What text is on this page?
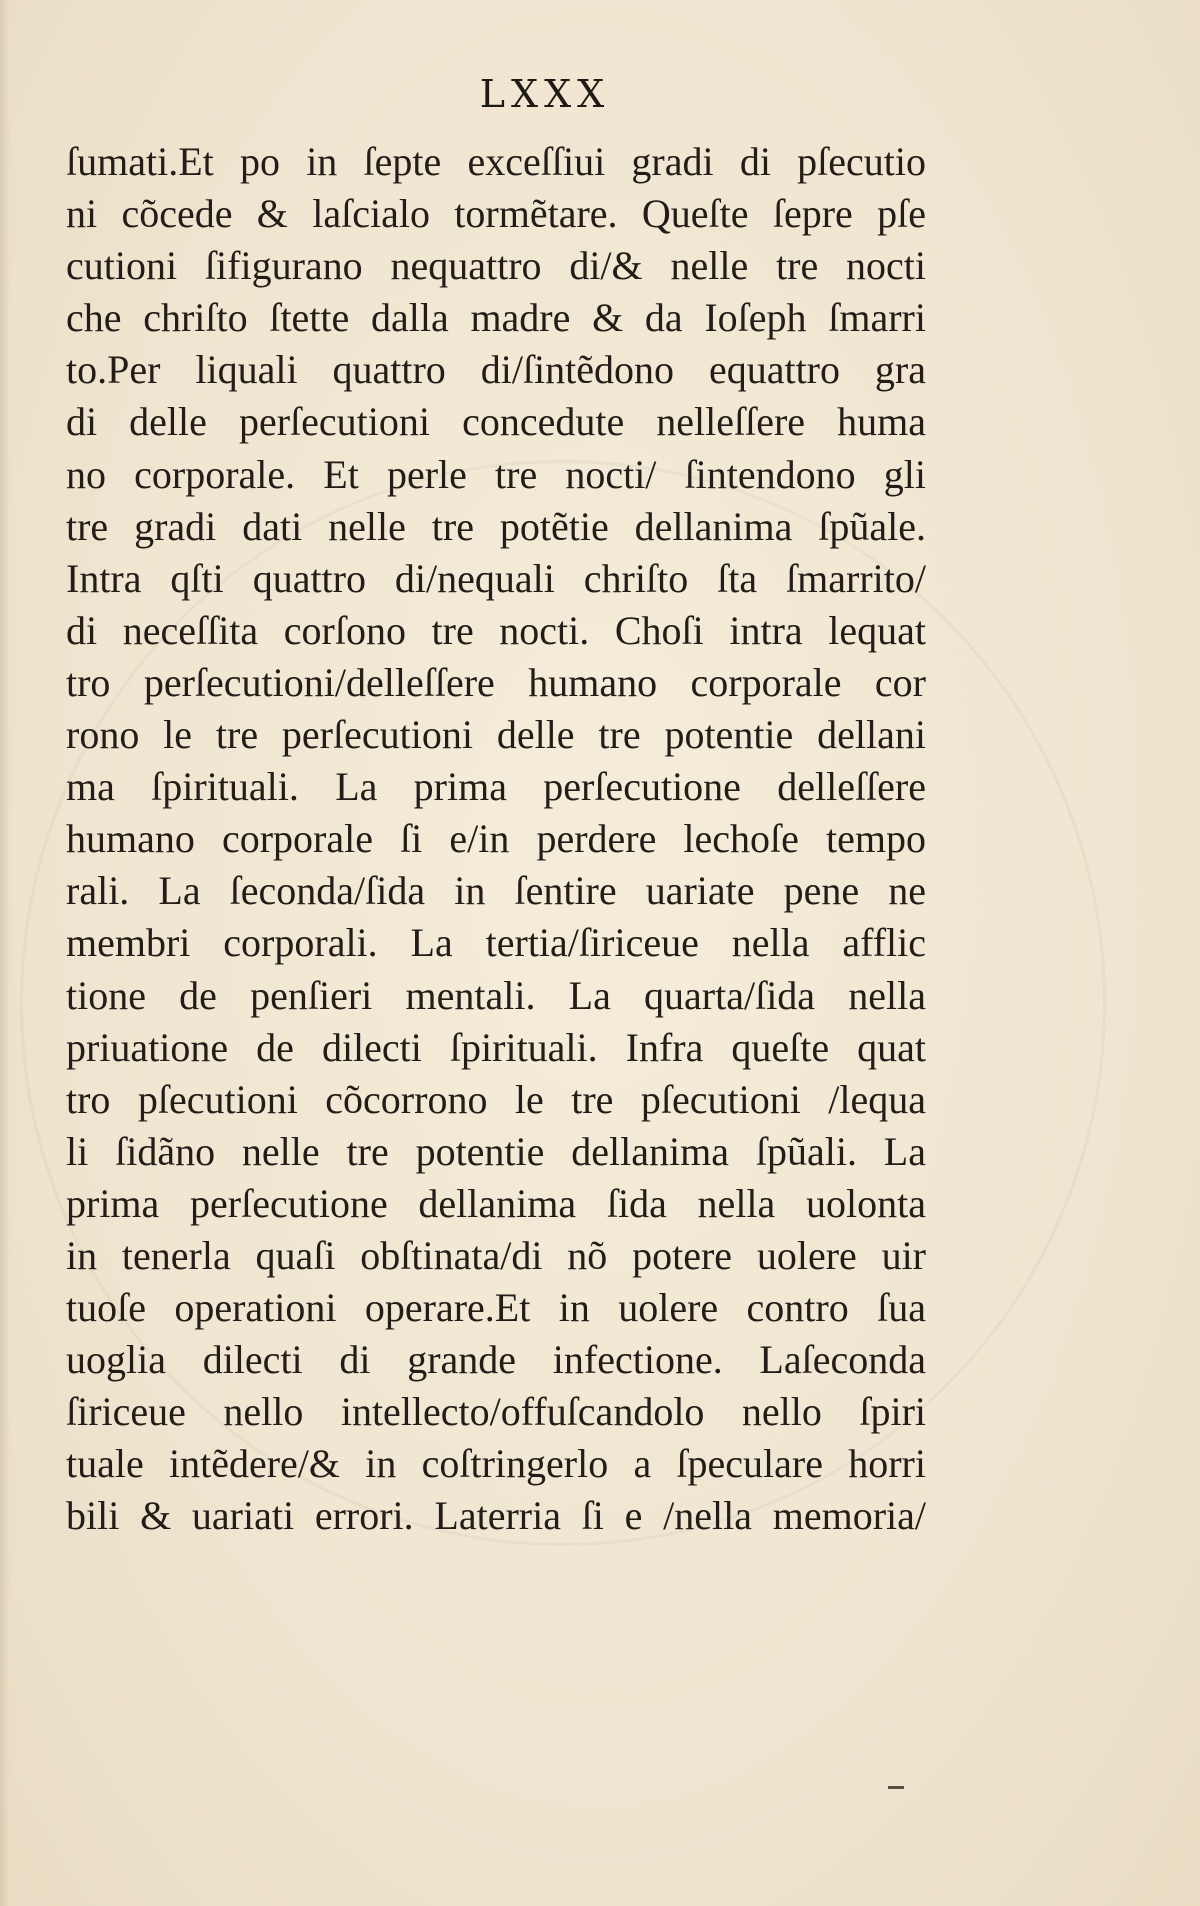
LXXX
ſumati.Et po in ſepte exceſſiui gradi di pſecutio
ni cõcede & laſcialo tormẽtare. Queſte ſepre pſe
cutioni ſifigurano nequattro di/& nelle tre nocti
che chriſto ſtette dalla madre & da Ioſeph ſmarri
to.Per liquali quattro di/ſintẽdono equattro gra
di delle perſecutioni concedute nelleſſere huma
no corporale. Et perle tre nocti/ ſintendono gli
tre gradi dati nelle tre potẽtie dellanima ſpũale.
Intra qſti quattro di/nequali chriſto ſta ſmarrito/
di neceſſita corſono tre nocti. Choſi intra lequat
tro perſecutioni/delleſſere humano corporale cor
rono le tre perſecutioni delle tre potentie dellani
ma ſpirituali. La prima perſecutione delleſſere
humano corporale ſi e/in perdere lechoſe tempo
rali. La ſeconda/ſida in ſentire uariate pene ne
membri corporali. La tertia/ſiriceue nella afflic
tione de penſieri mentali. La quarta/ſida nella
priuatione de dilecti ſpirituali. Infra queſte quat
tro pſecutioni cõcorrono le tre pſecutioni /lequa
li ſidãno nelle tre potentie dellanima ſpũali. La
prima perſecutione dellanima ſida nella uolonta
in tenerla quaſi obſtinata/di nõ potere uolere uir
tuoſe operationi operare.Et in uolere contro ſua
uoglia dilecti di grande infectione. Laſeconda
ſiriceue nello intellecto/offuſcandolo nello ſpiri
tuale intẽdere/& in coſtringerlo a ſpeculare horri
bili & uariati errori. Laterria ſi e /nella memoria/
